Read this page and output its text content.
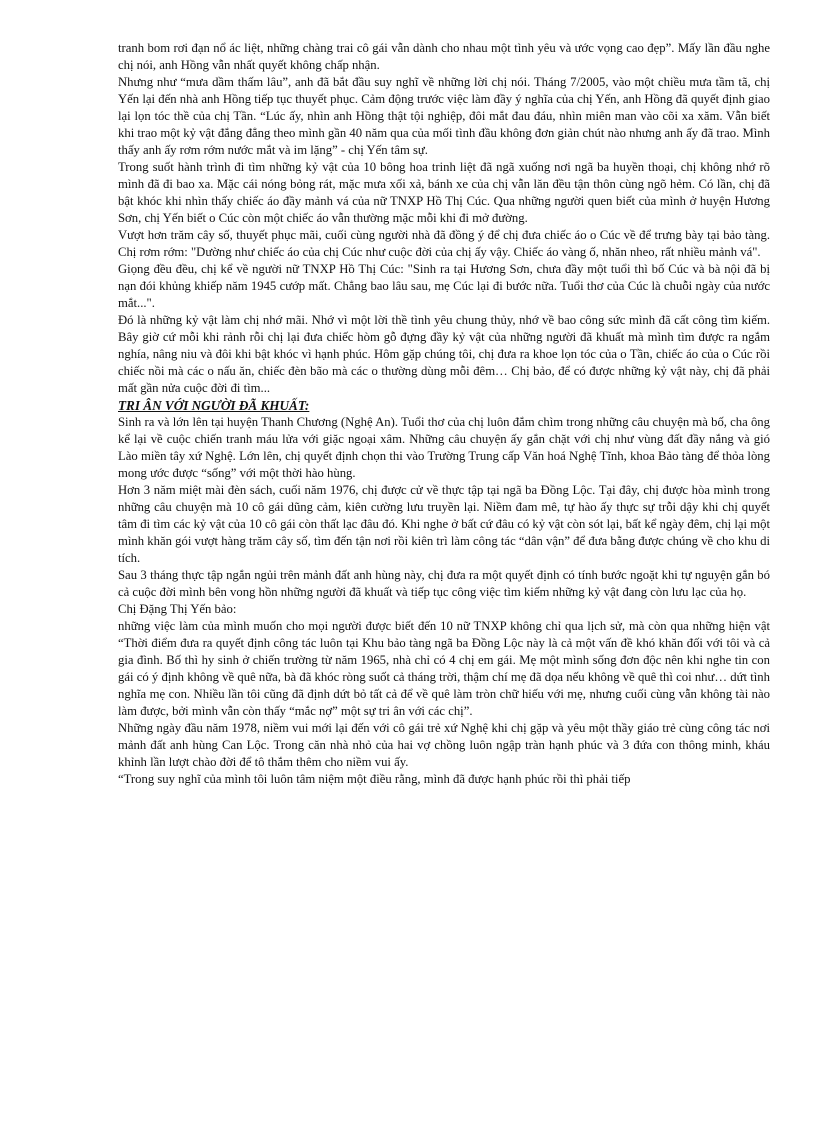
tranh bom rơi đạn nổ ác liệt, những chàng trai cô gái vẫn dành cho nhau một tình yêu và ước vọng cao đẹp”. Mấy lần đầu nghe chị nói, anh Hồng vẫn nhất quyết không chấp nhận.

Nhưng như “mưa dầm thấm lâu”, anh đã bắt đầu suy nghĩ về những lời chị nói. Tháng 7/2005, vào một chiều mưa tầm tã, chị Yến lại đến nhà anh Hồng tiếp tục thuyết phục. Cảm động trước việc làm đầy ý nghĩa của chị Yến, anh Hồng đã quyết định giao lại lọn tóc thề của chị Tần. “Lúc ấy, nhìn anh Hồng thật tội nghiệp, đôi mắt đau đáu, nhìn miên man vào cõi xa xăm. Vẫn biết khi trao một kỷ vật đắng đẳng theo mình gần 40 năm qua của mối tình đầu không đơn giản chút nào nhưng anh ấy đã trao. Mình thấy anh ấy rơm rớm nước mắt và im lặng” - chị Yến tâm sự.

Trong suốt hành trình đi tìm những kỷ vật của 10 bông hoa trinh liệt đã ngã xuống nơi ngã ba huyền thoại, chị không nhớ rõ mình đã đi bao xa. Mặc cái nóng bỏng rát, mặc mưa xối xả, bánh xe của chị vẫn lăn đều tận thôn cùng ngõ hẻm. Có lần, chị đã bật khóc khi nhìn thấy chiếc áo đầy mảnh vá của nữ TNXP Hồ Thị Cúc. Qua những người quen biết của mình ở huyện Hương Sơn, chị Yến biết o Cúc còn một chiếc áo vẫn thường mặc mỗi khi đi mở đường.

Vượt hơn trăm cây số, thuyết phục mãi, cuối cùng người nhà đã đồng ý để chị đưa chiếc áo o Cúc về để trưng bày tại bảo tàng. Chị rơm rớm: "Dường như chiếc áo của chị Cúc như cuộc đời của chị ấy vậy. Chiếc áo vàng ố, nhăn nheo, rất nhiều mảnh vá".

Giọng đều đều, chị kể về người nữ TNXP Hồ Thị Cúc: "Sinh ra tại Hương Sơn, chưa đầy một tuổi thì bố Cúc và bà nội đã bị nạn đói khủng khiếp năm 1945 cướp mất. Chẳng bao lâu sau, mẹ Cúc lại đi bước nữa. Tuổi thơ của Cúc là chuỗi ngày của nước mắt...".

Đó là những kỷ vật làm chị nhớ mãi. Nhớ vì một lời thề tình yêu chung thủy, nhớ về bao công sức mình đã cất công tìm kiếm. Bây giờ cứ mỗi khi rảnh rỗi chị lại đưa chiếc hòm gỗ đựng đầy kỷ vật của những người đã khuất mà mình tìm được ra ngắm nghía, nâng niu và đôi khi bật khóc vì hạnh phúc. Hôm gặp chúng tôi, chị đưa ra khoe lọn tóc của o Tần, chiếc áo của o Cúc rồi chiếc nồi mà các o nấu ăn, chiếc đèn bão mà các o thường dùng mỗi đêm… Chị bảo, để có được những kỷ vật này, chị đã phải mất gần nửa cuộc đời đi tìm...

TRI ÂN VỚI NGƯỜI ĐÃ KHUẤT:

Sinh ra và lớn lên tại huyện Thanh Chương (Nghệ An). Tuổi thơ của chị luôn đắm chìm trong những câu chuyện mà bố, cha ông kể lại về cuộc chiến tranh máu lửa với giặc ngoại xâm. Những câu chuyện ấy gắn chặt với chị như vùng đất đầy nắng và gió Lào miền tây xứ Nghệ. Lớn lên, chị quyết định chọn thi vào Trường Trung cấp Văn hoá Nghệ Tĩnh, khoa Bảo tàng để thỏa lòng mong ước được “sống” với một thời hào hùng.

Hơn 3 năm miệt mài đèn sách, cuối năm 1976, chị được cử về thực tập tại ngã ba Đồng Lộc. Tại đây, chị được hòa mình trong những câu chuyện mà 10 cô gái dũng cảm, kiên cường lưu truyền lại. Niềm đam mê, tự hào ấy thực sự trỗi dậy khi chị quyết tâm đi tìm các kỷ vật của 10 cô gái còn thất lạc đâu đó. Khi nghe ở bất cứ đâu có kỷ vật còn sót lại, bất kể ngày đêm, chị lại một mình khăn gói vượt hàng trăm cây số, tìm đến tận nơi rồi kiên trì làm công tác “dân vận” để đưa bằng được chúng về cho khu di tích.

Sau 3 tháng thực tập ngắn ngủi trên mảnh đất anh hùng này, chị đưa ra một quyết định có tính bước ngoặt khi tự nguyện gắn bó cả cuộc đời mình bên vong hồn những người đã khuất và tiếp tục công việc tìm kiếm những kỷ vật đang còn lưu lạc của họ.

Chị Đặng Thị Yến bảo:

những việc làm của mình muốn cho mọi người được biết đến 10 nữ TNXP không chỉ qua lịch sử, mà còn qua những hiện vật “Thời điểm đưa ra quyết định công tác luôn tại Khu bảo tàng ngã ba Đồng Lộc này là cả một vấn đề khó khăn đối với tôi và cả gia đình. Bố thì hy sinh ở chiến trường từ năm 1965, nhà chỉ có 4 chị em gái. Mẹ một mình sống đơn độc nên khi nghe tin con gái có ý định không về quê nữa, bà đã khóc ròng suốt cả tháng trời, thậm chí mẹ đã dọa nếu không về quê thì coi như… dứt tình nghĩa mẹ con. Nhiều lần tôi cũng đã định dứt bỏ tất cả để về quê làm tròn chữ hiếu với mẹ, nhưng cuối cùng vẫn không tài nào làm được, bởi mình vẫn còn thấy “mắc nợ” một sự tri ân với các chị”.

Những ngày đầu năm 1978, niềm vui mới lại đến với cô gái trẻ xứ Nghệ khi chị gặp và yêu một thầy giáo trẻ cùng công tác nơi mảnh đất anh hùng Can Lộc. Trong căn nhà nhỏ của hai vợ chồng luôn ngập tràn hạnh phúc và 3 đứa con thông minh, kháu khỉnh lần lượt chào đời để tô thắm thêm cho niềm vui ấy.

“Trong suy nghĩ của mình tôi luôn tâm niệm một điều rằng, mình đã được hạnh phúc rồi thì phải tiếp
